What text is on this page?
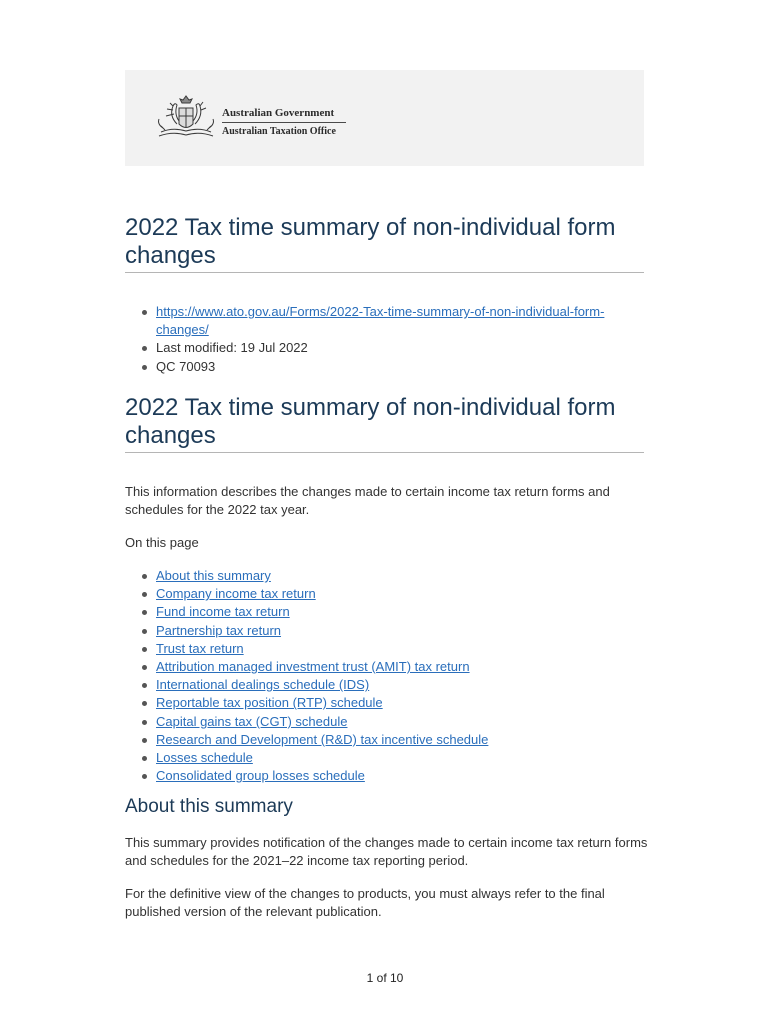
Australian Government
Australian Taxation Office
2022 Tax time summary of non-individual form changes
https://www.ato.gov.au/Forms/2022-Tax-time-summary-of-non-individual-form-changes/
Last modified: 19 Jul 2022
QC 70093
2022 Tax time summary of non-individual form changes

This information describes the changes made to certain income tax return forms and schedules for the 2022 tax year.

On this page

About this summary
Company income tax return
Fund income tax return
Partnership tax return
Trust tax return
Attribution managed investment trust (AMIT) tax return
International dealings schedule (IDS)
Reportable tax position (RTP) schedule
Capital gains tax (CGT) schedule
Research and Development (R&D) tax incentive schedule
Losses schedule
Consolidated group losses schedule
About this summary

This summary provides notification of the changes made to certain income tax return forms and schedules for the 2021–22 income tax reporting period.

For the definitive view of the changes to products, you must always refer to the final published version of the relevant publication.

1 of 10
